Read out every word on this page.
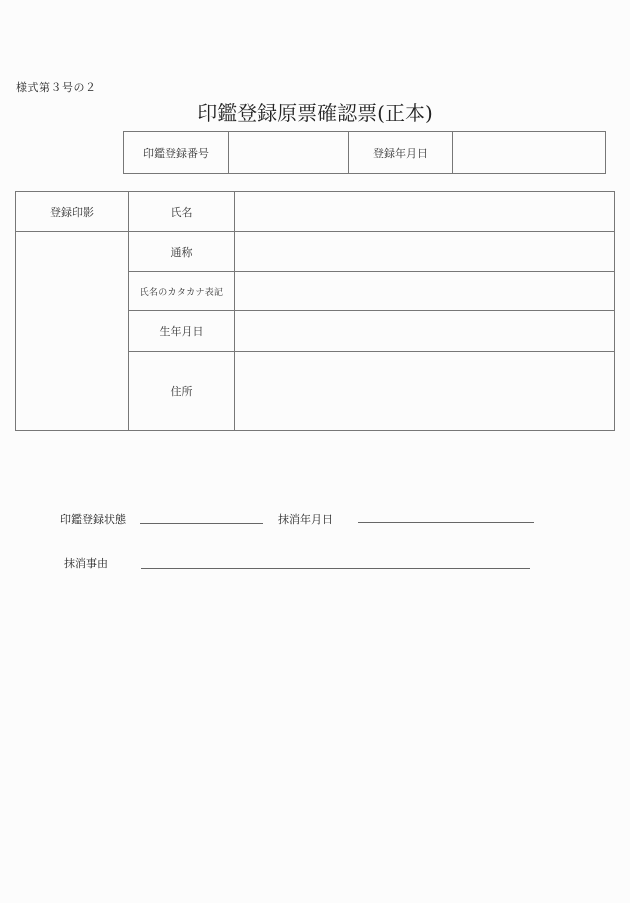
様式第３号の２
印鑑登録原票確認票(正本)
印鑑登録番号		登録年月日	
登録印影	氏名	
	通称	
	氏名のカタカナ表記	
	生年月日	
	住所	
印鑑登録状態	抹消年月日
抹消事由
